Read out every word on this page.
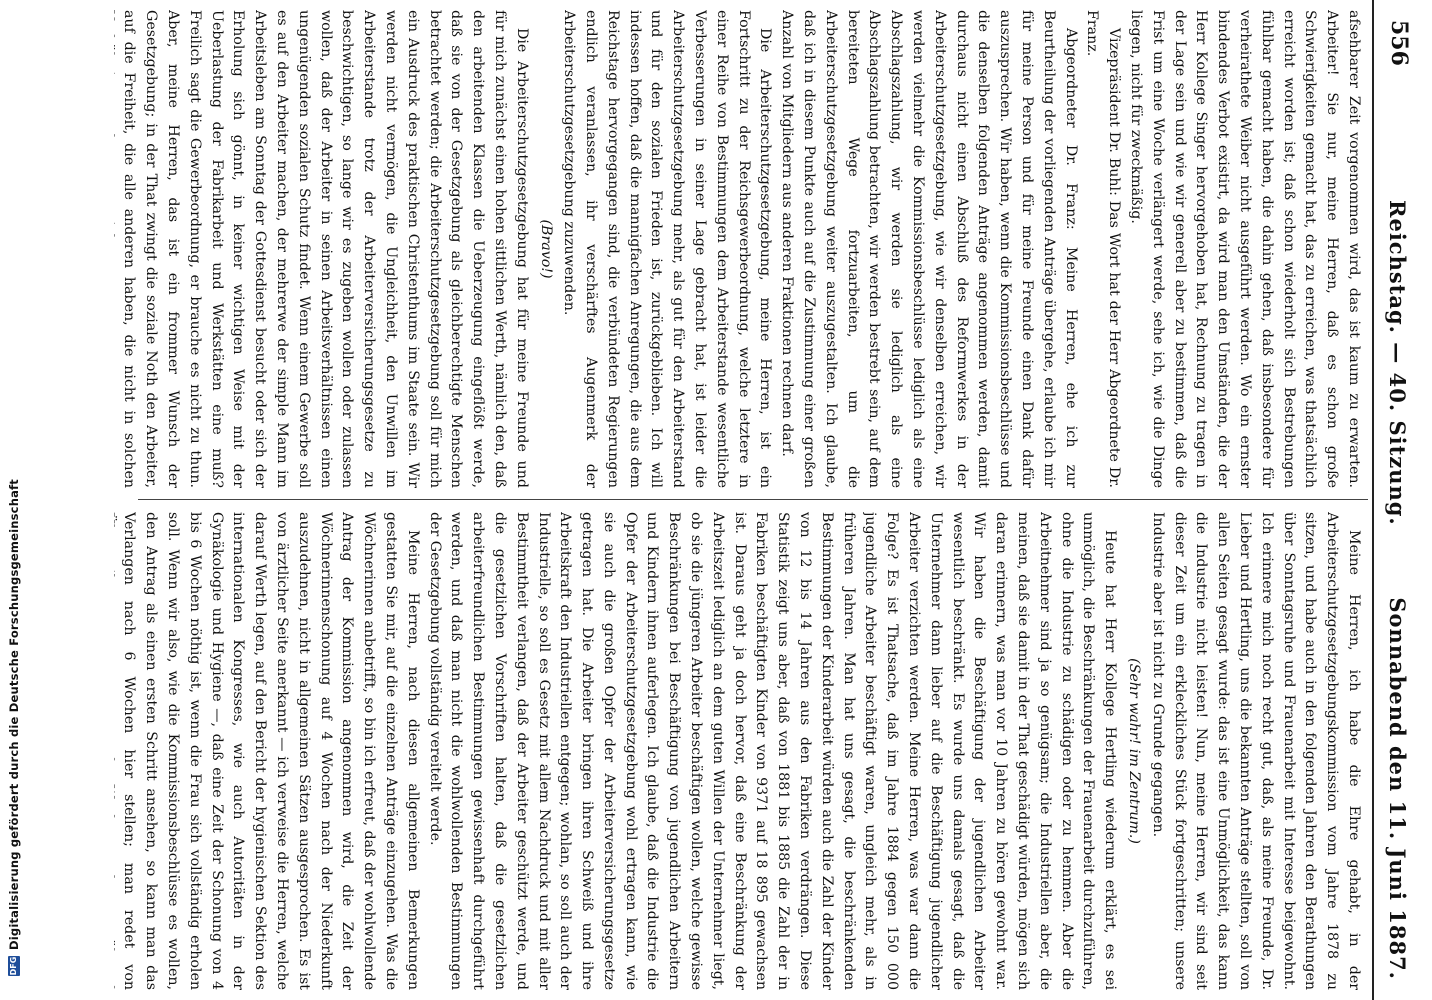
556
Reichstag. — 40. Sitzung.
Sonnabend den 11. Juni 1887.

afsehbarer Zeit vorgenommen wird, das ist kaum zu erwarten. Arbeiter! Sie nur, meine Herren, daß es schon große Schwierigkeiten gemacht hat, das zu erreichen, was thatsächlich erreicht worden ist; daß schon wiederholt sich Bestrebungen fühlbar gemacht haben, die dahin gehen, daß insbesondere für verheirathete Weiber nicht ausgeführt werden. Wo ein ernster bindendes Verbot existirt, da wird man den Umständen, die der Herr Kollege Singer hervorgehoben hat, Rechnung zu tragen in der Lage sein und wie wir generell aber zu bestimmen, daß die Frist um eine Woche verlängert werde, sehe ich, wie die Dinge liegen, nicht für zweckmäßig.

Vizepräsident Dr. Buhl: Das Wort hat der Herr Abgeordnete Dr. Franz.

Abgeordneter Dr. Franz: Meine Herren, ehe ich zur Beurtheilung der vorliegenden Anträge übergehe, erlaube ich mir für meine Person und für meine Freunde einen Dank dafür auszusprechen. Wir haben, wenn die Kommissionsbeschlüsse und die denselben folgenden Anträge angenommen werden, damit durchaus nicht einen Abschluß des Reformwerkes in der Arbeiterschutzgesetzgebung, wie wir denselben erreichen, wir werden vielmehr die Kommissionsbeschlüsse lediglich als eine Abschlagszahlung, wir werden sie lediglich als eine Abschlagszahlung betrachten, wir werden bestrebt sein, auf dem bereiteten Wege fortzuarbeiten, um die Arbeiterschutzgesetzgebung weiter auszugestalten. Ich glaube, daß ich in diesem Punkte auch auf die Zustimmung einer großen Anzahl von Mitgliedern aus anderen Fraktionen rechnen darf.

Die Arbeiterschutzgesetzgebung, meine Herren, ist ein Fortschritt zu der Reichsgewerbeordnung, welche letztere in einer Reihe von Bestimmungen dem Arbeiterstande wesentliche Verbesserungen in seiner Lage gebracht hat, ist leider die Arbeiterschutzgesetzgebung mehr, als gut für den Arbeiterstand und für den sozialen Frieden ist, zurückgeblieben. Ich will indessen hoffen, daß die mannigfachen Anregungen, die aus dem Reichstage hervorgegangen sind, die verbündeten Regierungen endlich veranlassen, ihr verschärftes Augenmerk der Arbeiterschutzgesetzgebung zuzuwenden.

(Bravo!)

Die Arbeiterschutzgesetzgebung hat für meine Freunde und für mich zunächst einen hohen sittlichen Werth, nämlich den, daß den arbeitenden Klassen die Ueberzeugung eingeflößt werde, daß sie von der Gesetzgebung als gleichberechtigte Menschen betrachtet werden; die Arbeiterschutzgesetzgebung soll für mich ein Ausdruck des praktischen Christenthums im Staate sein. Wir werden nicht vermögen, die Ungleichheit, den Unwillen im Arbeiterstande trotz der Arbeiterversicherungsgesetze zu beschwichtigen, so lange wir es zugeben wollen oder zulassen wollen, daß der Arbeiter in seinen Arbeitsverhältnissen einen ungenügenden sozialen Schutz findet. Wenn einem Gewerbe soll es auf den Arbeiter machen, der mehrerwe der simple Mann im Arbeitsleben am Sonntag der Gottesdienst besucht oder sich der Erholung sich gönnt, in keiner wichtigen Weise mit der Ueberlastung der Fabrikarbeit und Werkstätten eine muß? Freilich sagt die Gewerbeordnung, er brauche es nicht zu thun. Aber, meine Herren, das ist ein frommer Wunsch der Gesetzgebung; in der That zwingt die soziale Noth den Arbeiter, auf die Freiheit, die alle anderen haben, die nicht in solchen

Meine Herren, ich habe die Ehre gehabt, in der Arbeiterschutzgesetzgebungskommission vom Jahre 1878 zu sitzen, und habe auch in den folgenden Jahren den Berathungen über Sonntagsruhe und Frauenarbeit mit Interesse beigewohnt. Ich erinnere mich noch recht gut, daß, als meine Freunde, Dr. Lieber und Hertling, uns die bekannten Anträge stellten, soll von allen Seiten gesagt wurde: das ist eine Unmöglichkeit, das kann die Industrie nicht leisten! Nun, meine Herren, wir sind seit dieser Zeit um ein erkleckliches Stück fortgeschritten; unsere Industrie aber ist nicht zu Grunde gegangen.

(Sehr wahr! im Zentrum.)

Heute hat Herr Kollege Hertling wiederum erklärt, es sei unmöglich, die Beschränkungen der Frauenarbeit durchzuführen, ohne die Industrie zu schädigen oder zu hemmen. Aber die Arbeitnehmer sind ja so genügsam; die Industriellen aber, die meinen, daß sie damit in der That geschädigt würden, mögen sich daran erinnern, was man vor 10 Jahren zu hören gewohnt war. Wir haben die Beschäftigung der jugendlichen Arbeiter wesentlich beschränkt. Es wurde uns damals gesagt, daß die Unternehmer dann lieber auf die Beschäftigung jugendlicher Arbeiter verzichten werden. Meine Herren, was war dann die Folge? Es ist Thatsache, daß im Jahre 1884 gegen 150 000 jugendliche Arbeiter beschäftigt waren, ungleich mehr, als in früheren Jahren. Man hat uns gesagt, die beschränkenden Bestimmungen der Kinderarbeit würden auch die Zahl der Kinder von 12 bis 14 Jahren aus den Fabriken verdrängen. Diese Statistik zeigt uns aber, daß von 1881 bis 1885 die Zahl der in Fabriken beschäftigten Kinder von 9371 auf 18 895 gewachsen ist. Daraus geht ja doch hervor, daß eine Beschränkung der Arbeitszeit lediglich an dem guten Willen der Unternehmer liegt, ob sie die jüngeren Arbeiter beschäftigen wollen, welche gewisse Beschränkungen bei Beschäftigung von jugendlichen Arbeitern und Kindern ihnen auferlegen. Ich glaube, daß die Industrie die Opfer der Arbeiterschutzgesetzgebung wohl ertragen kann, wie sie auch die großen Opfer der Arbeiterversicherungsgesetze getragen hat. Die Arbeiter bringen ihren Schweiß und ihre Arbeitskraft den Industriellen entgegen; wohlan, so soll auch der Industrielle, so soll es Gesetz mit allem Nachdruck und mit aller Bestimmtheit verlangen, daß der Arbeiter geschützt werde, und die gesetzlichen Vorschriften halten, daß die gesetzlichen arbeiterfreundlichen Bestimmungen gewissenhaft durchgeführt werden, und daß man nicht die wohlwollenden Bestimmungen der Gesetzgebung vollständig vereitelt werde.

Meine Herren, nach diesen allgemeinen Bemerkungen gestatten Sie mir, auf die einzelnen Anträge einzugehen. Was die Wöchnerinnen anbetrifft, so bin ich erfreut, daß der wohlwollende Antrag der Kommission angenommen wird, die Zeit der Wöchnerinnenschonung auf 4 Wochen nach der Niederkunft auszudehnen, nicht in allgemeinen Sätzen ausgesprochen. Es ist von ärztlicher Seite anerkannt — ich verweise die Herren, welche darauf Werth legen, auf den Bericht der hygienischen Sektion des internationalen Kongresses, wie auch Autoritäten in der Gynäkologie und Hygiene —, daß eine Zeit der Schonung von 4 bis 6 Wochen nöthig ist, wenn die Frau sich vollständig erholen soll. Wenn wir also, wie die Kommissionsbeschlüsse es wollen, den Antrag als einen ersten Schritt ansehen, so kann man das Verlangen nach 6 Wochen hier stellen; man redet von

DFG
Digitalisierung gefördert durch die Deutsche Forschungsgemeinschaft
